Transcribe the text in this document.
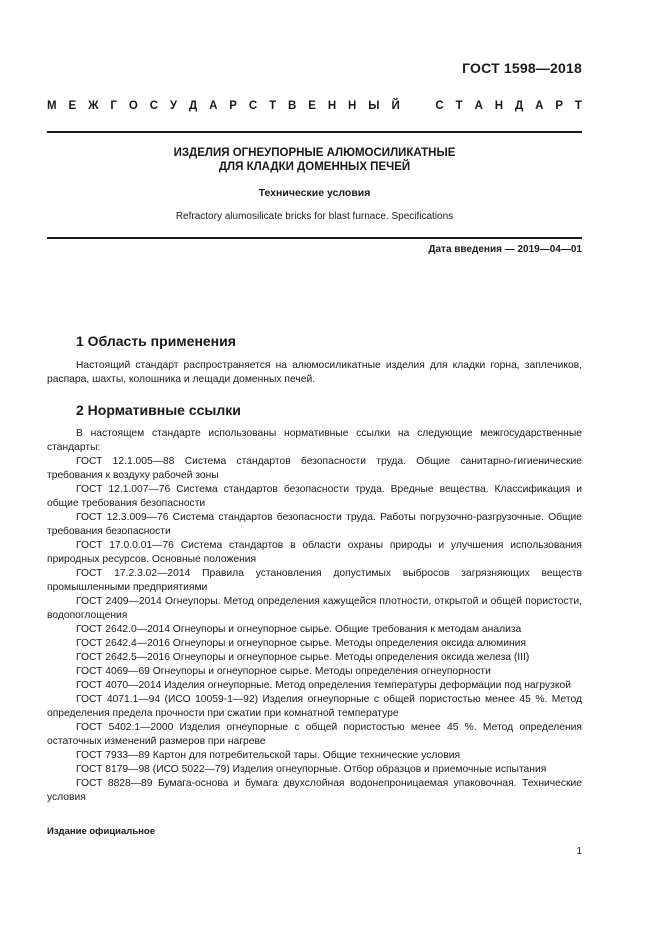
ГОСТ 1598—2018
М Е Ж Г О С У Д А Р С Т В Е Н Н Ы Й	С Т А Н Д А Р Т
ИЗДЕЛИЯ ОГНЕУПОРНЫЕ АЛЮМОСИЛИКАТНЫЕ
ДЛЯ КЛАДКИ ДОМЕННЫХ ПЕЧЕЙ
Технические условия
Refractory alumosilicate bricks for blast furnace. Specifications
Дата введения — 2019—04—01
1 Область применения

Настоящий стандарт распространяется на алюмосиликатные изделия для кладки горна, заплечиков, распара, шахты, колошника и лещади доменных печей.

2 Нормативные ссылки

В настоящем стандарте использованы нормативные ссылки на следующие межгосударственные стандарты:

ГОСТ 12.1.005—88 Система стандартов безопасности труда. Общие санитарно-гигиенические требования к воздуху рабочей зоны

ГОСТ 12.1.007—76 Система стандартов безопасности труда. Вредные вещества. Классификация и общие требования безопасности

ГОСТ 12.3.009—76 Система стандартов безопасности труда. Работы погрузочно-разгрузочные. Общие требования безопасности

ГОСТ 17.0.0.01—76 Система стандартов в области охраны природы и улучшения использования природных ресурсов. Основные положения

ГОСТ 17.2.3.02—2014 Правила установления допустимых выбросов загрязняющих веществ промышленными предприятиями

ГОСТ 2409—2014 Огнеупоры. Метод определения кажущейся плотности, открытой и общей пористости, водопоглощения

ГОСТ 2642.0—2014 Огнеупоры и огнеупорное сырье. Общие требования к методам анализа

ГОСТ 2642.4—2016 Огнеупоры и огнеупорное сырье. Методы определения оксида алюминия

ГОСТ 2642.5—2016 Огнеупоры и огнеупорное сырье. Методы определения оксида железа (III)

ГОСТ 4069—69 Огнеупоры и огнеупорное сырье. Методы определения огнеупорности

ГОСТ 4070—2014 Изделия огнеупорные. Метод определения температуры деформации под нагрузкой

ГОСТ 4071.1—94 (ИСО 10059-1—92) Изделия огнеупорные с общей пористостью менее 45 %. Метод определения предела прочности при сжатии при комнатной температуре

ГОСТ 5402.1—2000 Изделия огнеупорные с общей пористостью менее 45 %. Метод определения остаточных изменений размеров при нагреве

ГОСТ 7933—89 Картон для потребительской тары. Общие технические условия

ГОСТ 8179—98 (ИСО 5022—79) Изделия огнеупорные. Отбор образцов и приемочные испытания

ГОСТ 8828—89 Бумага-основа и бумага двухслойная водонепроницаемая упаковочная. Технические условия

Издание официальное
1
